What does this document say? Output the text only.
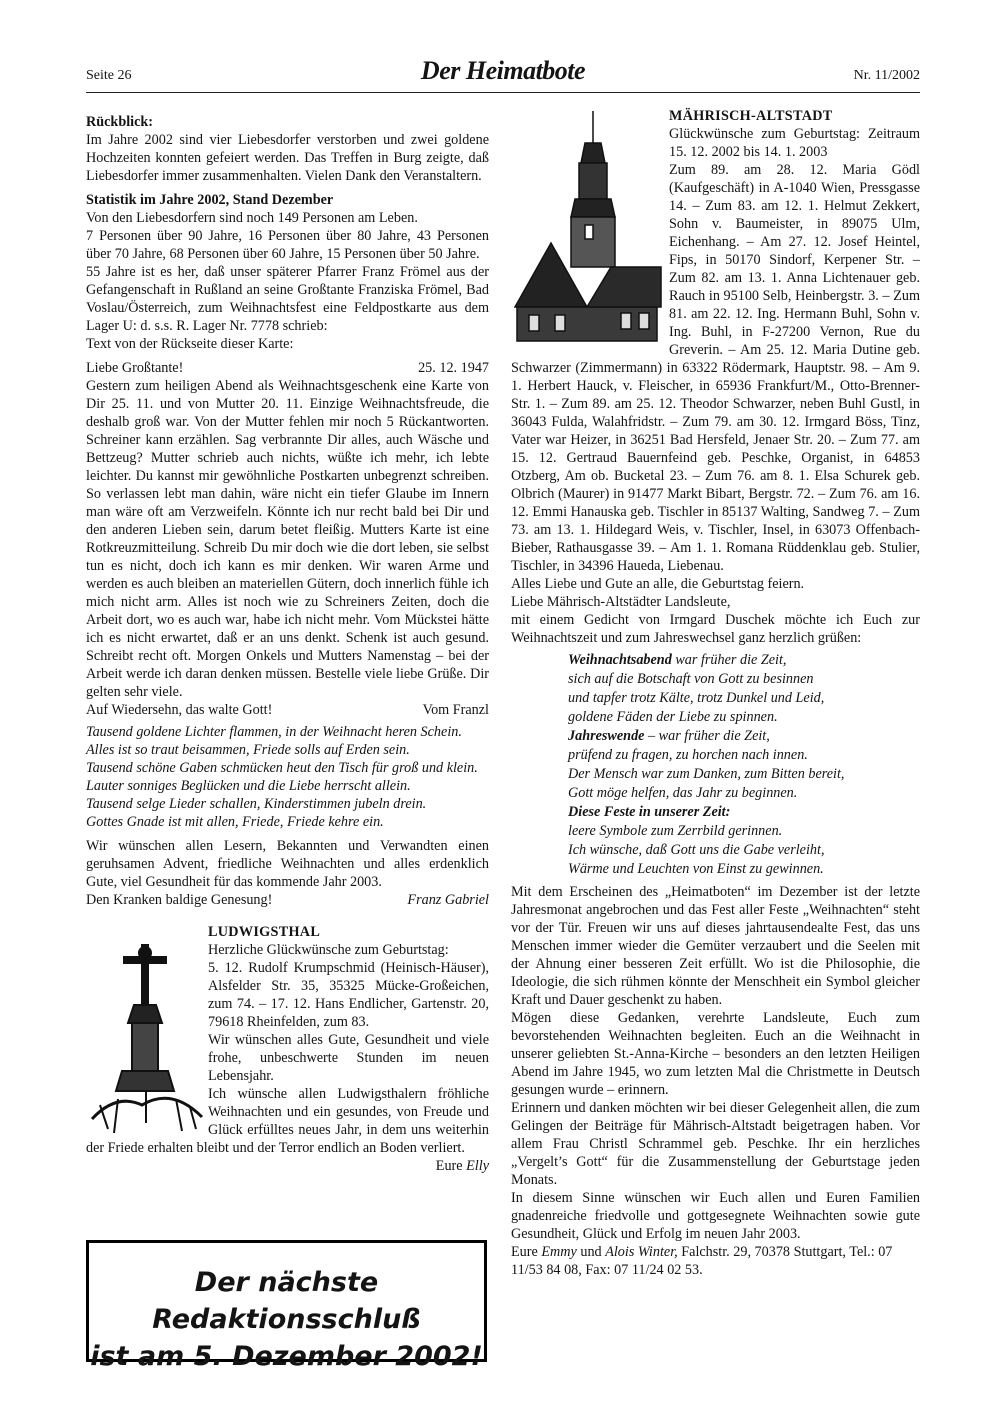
Seite 26	Der Heimatbote	Nr. 11/2002

Rückblick:

Im Jahre 2002 sind vier Liebesdorfer verstorben und zwei goldene Hochzeiten konnten gefeiert werden. Das Treffen in Burg zeigte, daß Liebesdorfer immer zusammenhalten. Vielen Dank den Veranstaltern.

Statistik im Jahre 2002, Stand Dezember

Von den Liebesdorfern sind noch 149 Personen am Leben.

7 Personen über 90 Jahre, 16 Personen über 80 Jahre, 43 Personen über 70 Jahre, 68 Personen über 60 Jahre, 15 Personen über 50 Jahre.

55 Jahre ist es her, daß unser späterer Pfarrer Franz Frömel aus der Gefangenschaft in Rußland an seine Großtante Franziska Frömel, Bad Voslau/Österreich, zum Weihnachtsfest eine Feldpostkarte aus dem Lager U: d. s.s. R. Lager Nr. 7778 schrieb:

Text von der Rückseite dieser Karte:

Liebe Großtante!	25. 12. 1947

Gestern zum heiligen Abend als Weihnachtsgeschenk eine Karte von Dir 25. 11. und von Mutter 20. 11. Einzige Weihnachtsfreude, die deshalb groß war. Von der Mutter fehlen mir noch 5 Rückantworten. Schreiner kann erzählen. Sag verbrannte Dir alles, auch Wäsche und Bettzeug? Mutter schrieb auch nichts, wüßte ich mehr, ich lebte leichter. Du kannst mir gewöhnliche Postkarten unbegrenzt schreiben. So verlassen lebt man dahin, wäre nicht ein tiefer Glaube im Innern man wäre oft am Verzweifeln. Könnte ich nur recht bald bei Dir und den anderen Lieben sein, darum betet fleißig. Mutters Karte ist eine Rotkreuzmitteilung. Schreib Du mir doch wie die dort leben, sie selbst tun es nicht, doch ich kann es mir denken. Wir waren Arme und werden es auch bleiben an materiellen Gütern, doch innerlich fühle ich mich nicht arm. Alles ist noch wie zu Schreiners Zeiten, doch die Arbeit dort, wo es auch war, habe ich nicht mehr. Vom Mückstei hätte ich es nicht erwartet, daß er an uns denkt. Schenk ist auch gesund. Schreibt recht oft. Morgen Onkels und Mutters Namenstag – bei der Arbeit werde ich daran denken müssen. Bestelle viele liebe Grüße. Dir gelten sehr viele.

Auf Wiedersehn, das walte Gott!	Vom Franzl

Tausend goldene Lichter flammen, in der Weihnacht heren Schein.

Alles ist so traut beisammen, Friede solls auf Erden sein.

Tausend schöne Gaben schmücken heut den Tisch für groß und klein.

Lauter sonniges Beglücken und die Liebe herrscht allein.

Tausend selge Lieder schallen, Kinderstimmen jubeln drein.

Gottes Gnade ist mit allen, Friede, Friede kehre ein.

Wir wünschen allen Lesern, Bekannten und Verwandten einen geruhsamen Advent, friedliche Weihnachten und alles erdenklich Gute, viel Gesundheit für das kommende Jahr 2003.

Den Kranken baldige Genesung!	Franz Gabriel

LUDWIGSTHAL

Herzliche Glückwünsche zum Geburtstag:

5. 12. Rudolf Krumpschmid (Heinisch-Häuser), Alsfelder Str. 35, 35325 Mücke-Großeichen, zum 74. – 17. 12. Hans Endlicher, Gartenstr. 20, 79618 Rheinfelden, zum 83.

Wir wünschen alles Gute, Gesundheit und viele frohe, unbeschwerte Stunden im neuen Lebensjahr.

Ich wünsche allen Ludwigsthalern fröhliche Weihnachten und ein gesundes, von Freude und Glück erfülltes neues Jahr, in dem uns weiterhin der Friede erhalten bleibt und der Terror endlich an Boden verliert.

Eure Elly

Der nächste Redaktionsschluß
ist am 5. Dezember 2002!

MÄHRISCH-ALTSTADT

Glückwünsche zum Geburtstag: Zeitraum 15. 12. 2002 bis 14. 1. 2003

Zum 89. am 28. 12. Maria Gödl (Kaufgeschäft) in A-1040 Wien, Pressgasse 14. – Zum 83. am 12. 1. Helmut Zekkert, Sohn v. Baumeister, in 89075 Ulm, Eichenhang. – Am 27. 12. Josef Heintel, Fips, in 50170 Sindorf, Kerpener Str. – Zum 82. am 13. 1. Anna Lichtenauer geb. Rauch in 95100 Selb, Heinbergstr. 3. – Zum 81. am 22. 12. Ing. Hermann Buhl, Sohn v. Ing. Buhl, in F-27200 Vernon, Rue du Greverin. – Am 25. 12. Maria Dutine geb. Schwarzer (Zimmermann) in 63322 Rödermark, Hauptstr. 98. – Am 9. 1. Herbert Hauck, v. Fleischer, in 65936 Frankfurt/M., Otto-Brenner-Str. 1. – Zum 89. am 25. 12. Theodor Schwarzer, neben Buhl Gustl, in 36043 Fulda, Walahfridstr. – Zum 79. am 30. 12. Irmgard Böss, Tinz, Vater war Heizer, in 36251 Bad Hersfeld, Jenaer Str. 20. – Zum 77. am 15. 12. Gertraud Bauernfeind geb. Peschke, Organist, in 64853 Otzberg, Am ob. Bucketal 23. – Zum 76. am 8. 1. Elsa Schurek geb. Olbrich (Maurer) in 91477 Markt Bibart, Bergstr. 72. – Zum 76. am 16. 12. Emmi Hanauska geb. Tischler in 85137 Walting, Sandweg 7. – Zum 73. am 13. 1. Hildegard Weis, v. Tischler, Insel, in 63073 Offenbach-Bieber, Rathausgasse 39. – Am 1. 1. Romana Rüddenklau geb. Stulier, Tischler, in 34396 Haueda, Liebenau.

Alles Liebe und Gute an alle, die Geburtstag feiern.

Liebe Mährisch-Altstädter Landsleute,

mit einem Gedicht von Irmgard Duschek möchte ich Euch zur Weihnachtszeit und zum Jahreswechsel ganz herzlich grüßen:

Weihnachtsabend war früher die Zeit,

sich auf die Botschaft von Gott zu besinnen

und tapfer trotz Kälte, trotz Dunkel und Leid,

goldene Fäden der Liebe zu spinnen.

Jahreswende – war früher die Zeit,

prüfend zu fragen, zu horchen nach innen.

Der Mensch war zum Danken, zum Bitten bereit,

Gott möge helfen, das Jahr zu beginnen.

Diese Feste in unserer Zeit:

leere Symbole zum Zerrbild gerinnen.

Ich wünsche, daß Gott uns die Gabe verleiht,

Wärme und Leuchten von Einst zu gewinnen.

Mit dem Erscheinen des „Heimatboten“ im Dezember ist der letzte Jahresmonat angebrochen und das Fest aller Feste „Weihnachten“ steht vor der Tür. Freuen wir uns auf dieses jahrtausendealte Fest, das uns Menschen immer wieder die Gemüter verzaubert und die Seelen mit der Ahnung einer besseren Zeit erfüllt. Wo ist die Philosophie, die Ideologie, die sich rühmen könnte der Menschheit ein Symbol gleicher Kraft und Dauer geschenkt zu haben.

Mögen diese Gedanken, verehrte Landsleute, Euch zum bevorstehenden Weihnachten begleiten. Euch an die Weihnacht in unserer geliebten St.-Anna-Kirche – besonders an den letzten Heiligen Abend im Jahre 1945, wo zum letzten Mal die Christmette in Deutsch gesungen wurde – erinnern.

Erinnern und danken möchten wir bei dieser Gelegenheit allen, die zum Gelingen der Beiträge für Mährisch-Altstadt beigetragen haben. Vor allem Frau Christl Schrammel geb. Peschke. Ihr ein herzliches „Vergelt’s Gott“ für die Zusammenstellung der Geburtstage jeden Monats.

In diesem Sinne wünschen wir Euch allen und Euren Familien gnadenreiche friedvolle und gottgesegnete Weihnachten sowie gute Gesundheit, Glück und Erfolg im neuen Jahr 2003.

Eure Emmy und Alois Winter, Falchstr. 29, 70378 Stuttgart, Tel.: 07 11/53 84 08, Fax: 07 11/24 02 53.
